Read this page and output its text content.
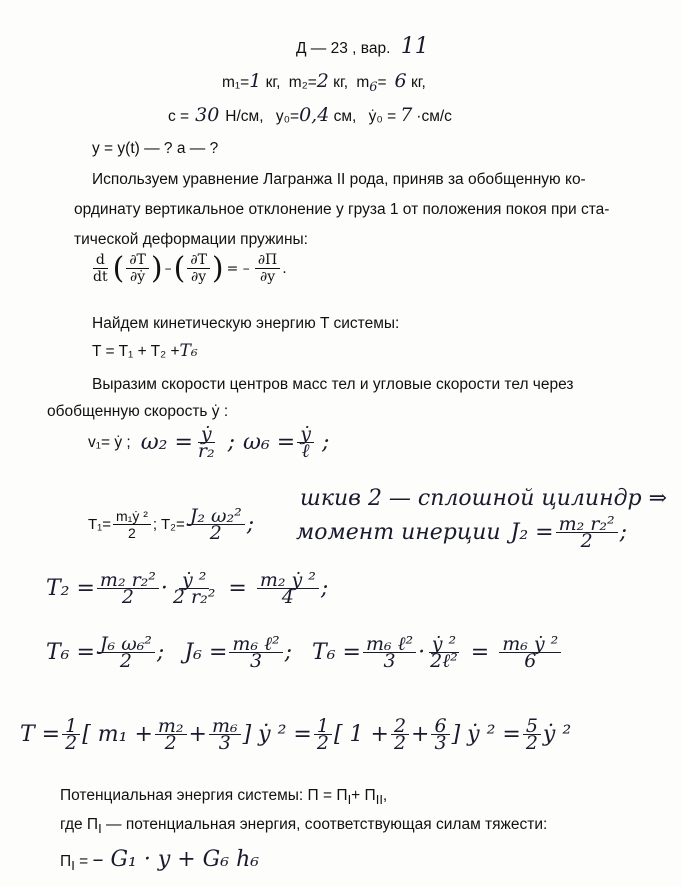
Д — 23 , вар. 11
m₁=1 кг, m₂=2 кг, $m_6= 6$ кг,
c = 30 Н/см, y₀=0,4 см, ẏ₀ = 7 ·см/с
y = y(t) — ? a — ?
Используем уравнение Лагранжа II рода, приняв за обобщенную ко-
ординату вертикальное отклонение y груза 1 от положения покоя при ста-
тической деформации пружины:
$\frac{d}{dt}$ ( $\frac{\partial T}{\text{∂ẏ}}$ ) – ( $\frac{\partial T}{\partial y}$ ) = – $\frac{\partial\Pi}{\partial y}$ .
Найдем кинетическую энергию T системы:
T = T₁ + T₂ +T₆
Выразим скорости центров масс тел и угловые скорости тел через
обобщенную скорость ẏ :
v₁= ẏ ; $\omega_2 = \frac{\text{ẏ}}{\text{r₂}}$ ; $\omega_6 = \frac{\text{ẏ}}{\text{ℓ}}$ ;
$T_1= \frac{\text{m₁ẏ ²}}{2}$ ; $T_2= \frac{\text{J₂ ω₂²}}{2}$ ;
шкив 2 — сплошной цилиндр ⇒
момент инерции $J_2 = \frac{\text{m₂ r₂²}}{2}$ ;
$T_2 = \frac{\text{m₂ r₂²}}{2} \cdot \frac{\text{ẏ ²}}{\text{2 r₂²}} = \frac{\text{m₂ ẏ ²}}{4}$ ;
$T_6 = \frac{\text{J₆ ω₆²}}{2}$ ; $J_6 = \frac{\text{m₆ ℓ²}}{3}$ ; $T_6 = \frac{\text{m₆ ℓ²}}{3} \cdot \frac{\text{ẏ ²}}{\text{2ℓ²}} = \frac{\text{m₆ ẏ ²}}{6}$
$T = \frac{1}{2}$ [ $m_1 + \frac{\text{m₂}}{2} + \frac{\text{m₆}}{3}$ ] ẏ $^2 = \frac{1}{2}$ [ $1 + \frac{2}{2} + \frac{6}{3}$ ] ẏ $^2 = \frac{5}{2}$ ẏ ²
Потенциальная энергия системы: $\Pi = \Pi_I+ \Pi_{II}$,
где $\Pi_I$ — потенциальная энергия, соответствующая силам тяжести:
$\Pi_I$ = – G₁ · y + G₆ h₆
